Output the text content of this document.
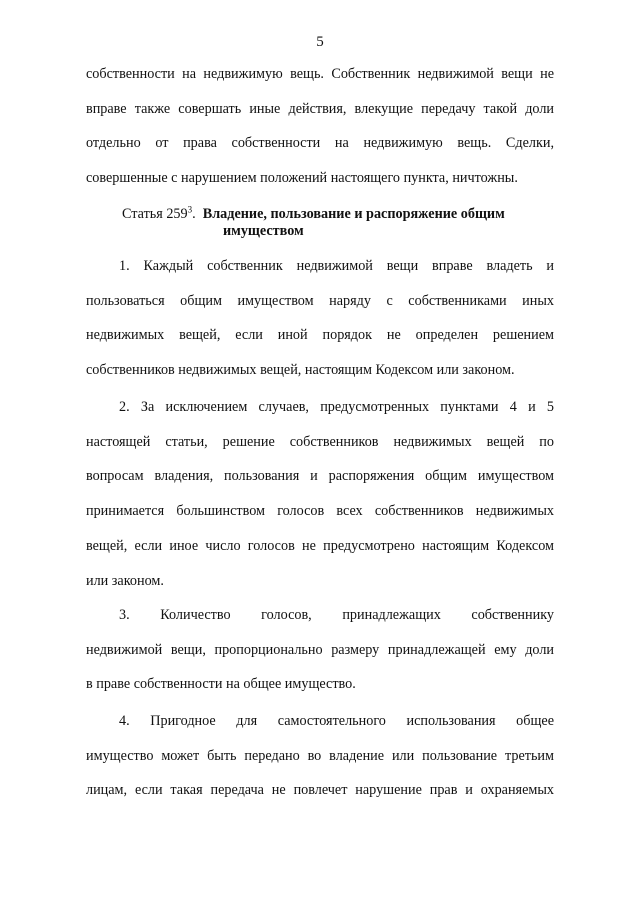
5
собственности на недвижимую вещь. Собственник недвижимой вещи не
вправе также совершать иные действия, влекущие передачу такой доли
отдельно от права собственности на недвижимую вещь. Сделки,
совершенные с нарушением положений настоящего пункта, ничтожны.
Статья $259^3$. Владение, пользование и распоряжение общим
имуществом
1. Каждый собственник недвижимой вещи вправе владеть и
пользоваться общим имуществом наряду с собственниками иных
недвижимых вещей, если иной порядок не определен решением
собственников недвижимых вещей, настоящим Кодексом или законом.
2. За исключением случаев, предусмотренных пунктами 4 и 5
настоящей статьи, решение собственников недвижимых вещей по
вопросам владения, пользования и распоряжения общим имуществом
принимается большинством голосов всех собственников недвижимых
вещей, если иное число голосов не предусмотрено настоящим Кодексом
или законом.
3. Количество голосов, принадлежащих собственнику
недвижимой вещи, пропорционально размеру принадлежащей ему доли
в праве собственности на общее имущество.
4. Пригодное для самостоятельного использования общее
имущество может быть передано во владение или пользование третьим
лицам, если такая передача не повлечет нарушение прав и охраняемых
